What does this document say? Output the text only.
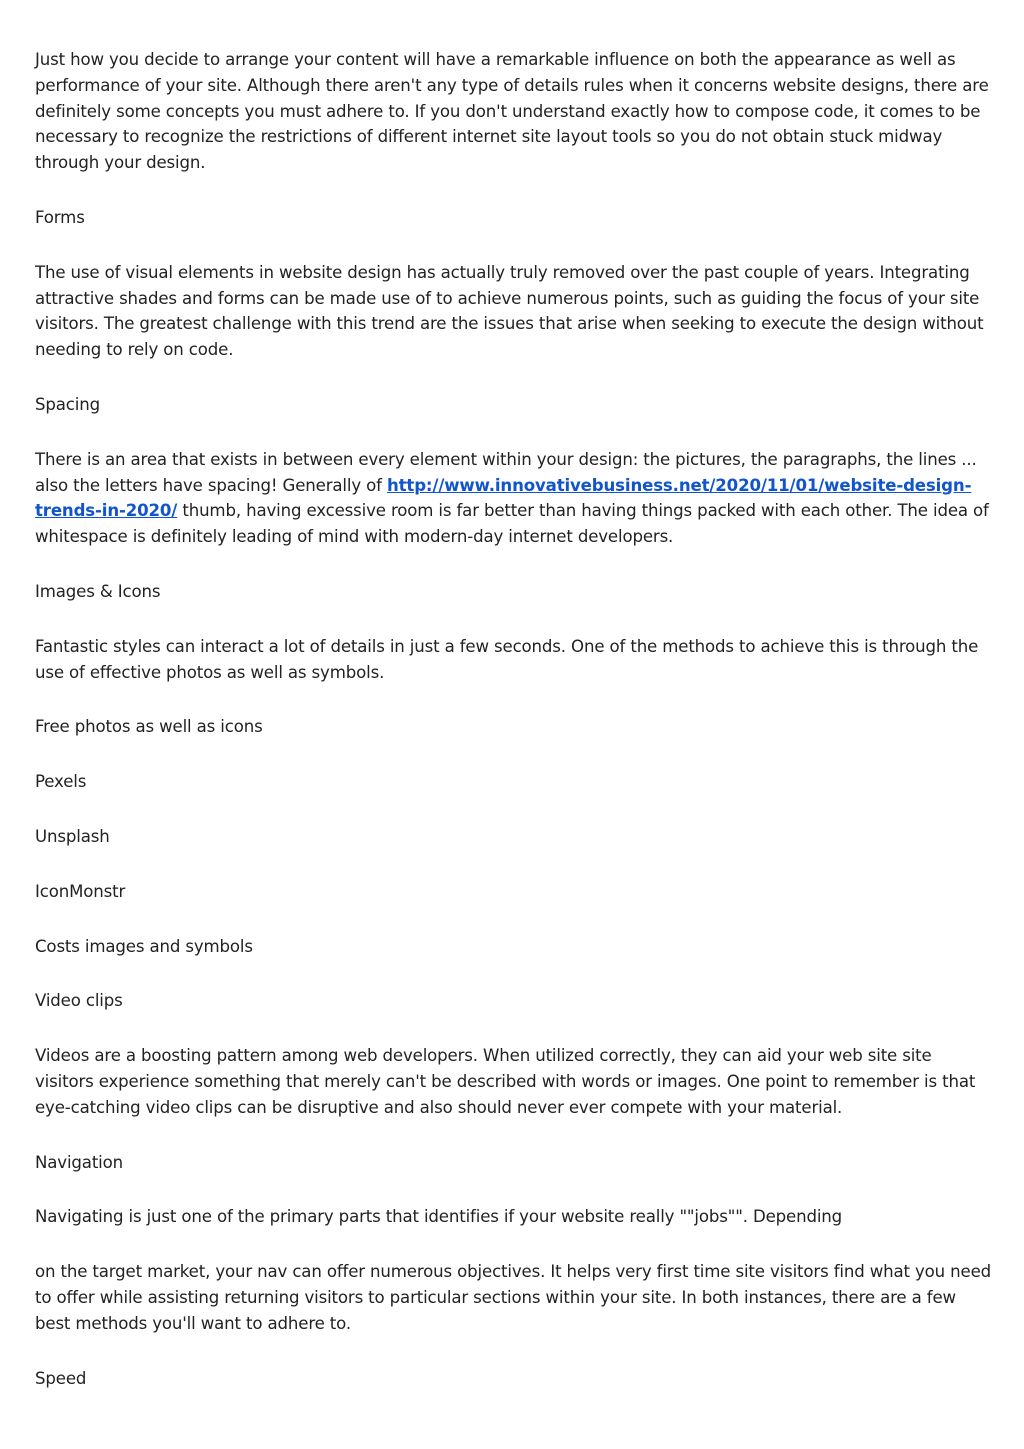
Just how you decide to arrange your content will have a remarkable influence on both the appearance as well as performance of your site. Although there aren't any type of details rules when it concerns website designs, there are definitely some concepts you must adhere to. If you don't understand exactly how to compose code, it comes to be necessary to recognize the restrictions of different internet site layout tools so you do not obtain stuck midway through your design.

Forms

The use of visual elements in website design has actually truly removed over the past couple of years. Integrating attractive shades and forms can be made use of to achieve numerous points, such as guiding the focus of your site visitors. The greatest challenge with this trend are the issues that arise when seeking to execute the design without needing to rely on code.

Spacing

There is an area that exists in between every element within your design: the pictures, the paragraphs, the lines ... also the letters have spacing! Generally of http://www.innovativebusiness.net/2020/11/01/website-design-trends-in-2020/ thumb, having excessive room is far better than having things packed with each other. The idea of whitespace is definitely leading of mind with modern-day internet developers.

Images & Icons

Fantastic styles can interact a lot of details in just a few seconds. One of the methods to achieve this is through the use of effective photos as well as symbols.

Free photos as well as icons

Pexels

Unsplash

IconMonstr

Costs images and symbols

Video clips

Videos are a boosting pattern among web developers. When utilized correctly, they can aid your web site site visitors experience something that merely can't be described with words or images. One point to remember is that eye-catching video clips can be disruptive and also should never ever compete with your material.

Navigation

Navigating is just one of the primary parts that identifies if your website really ""jobs"". Depending

on the target market, your nav can offer numerous objectives. It helps very first time site visitors find what you need to offer while assisting returning visitors to particular sections within your site. In both instances, there are a few best methods you'll want to adhere to.

Speed
